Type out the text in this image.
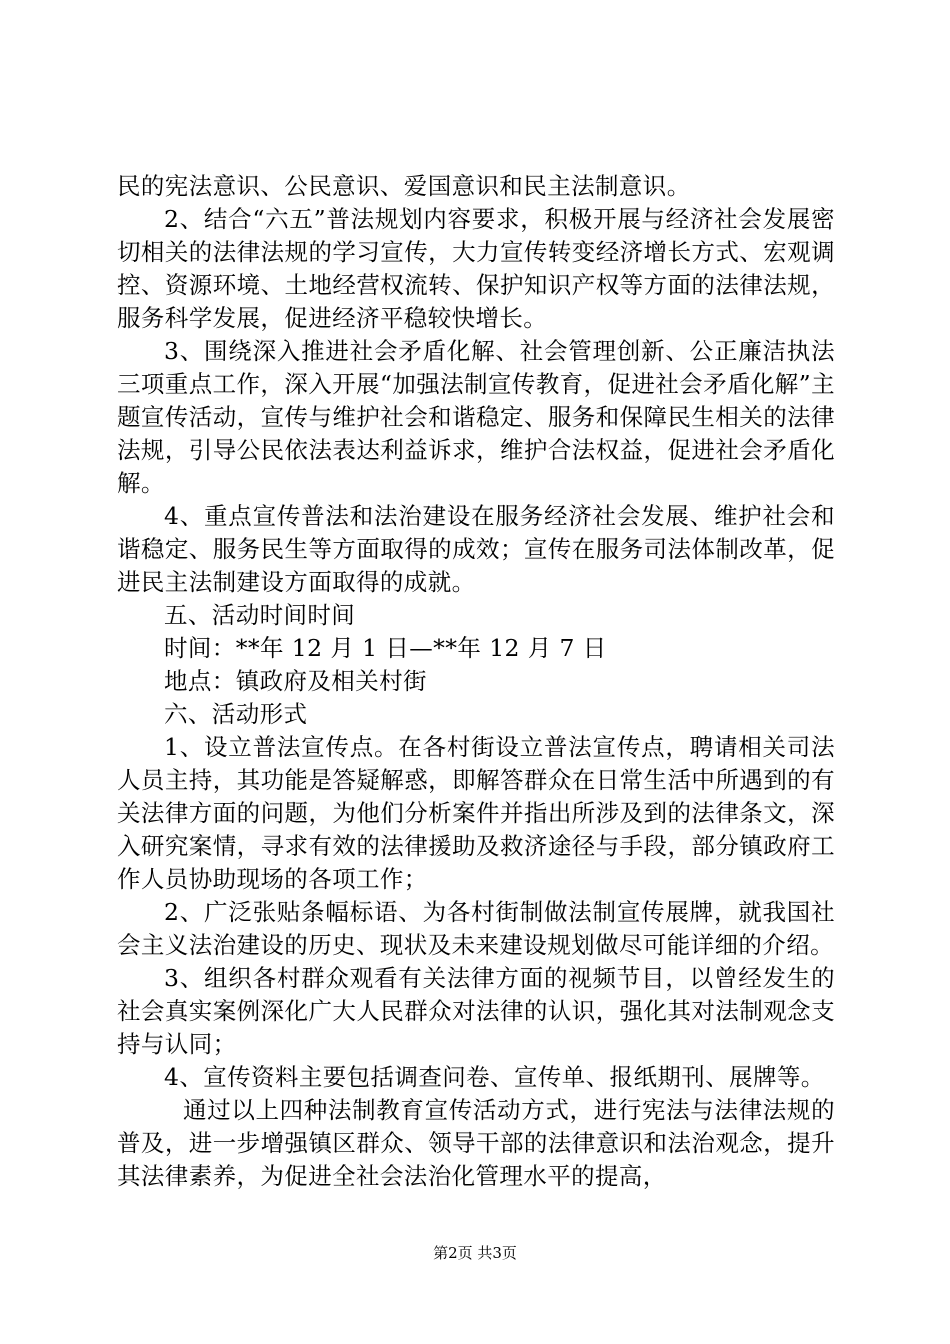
民的宪法意识、公民意识、爱国意识和民主法制意识。

2、结合“六五”普法规划内容要求，积极开展与经济社会发展密切相关的法律法规的学习宣传，大力宣传转变经济增长方式、宏观调控、资源环境、土地经营权流转、保护知识产权等方面的法律法规，服务科学发展，促进经济平稳较快增长。

3、围绕深入推进社会矛盾化解、社会管理创新、公正廉洁执法三项重点工作，深入开展“加强法制宣传教育，促进社会矛盾化解”主题宣传活动，宣传与维护社会和谐稳定、服务和保障民生相关的法律法规，引导公民依法表达利益诉求，维护合法权益，促进社会矛盾化解。

4、重点宣传普法和法治建设在服务经济社会发展、维护社会和谐稳定、服务民生等方面取得的成效；宣传在服务司法体制改革，促进民主法制建设方面取得的成就。

五、活动时间时间

时间：**年 12 月 1 日—**年 12 月 7 日

地点：镇政府及相关村街

六、活动形式

1、设立普法宣传点。在各村街设立普法宣传点，聘请相关司法人员主持，其功能是答疑解惑，即解答群众在日常生活中所遇到的有关法律方面的问题，为他们分析案件并指出所涉及到的法律条文，深入研究案情，寻求有效的法律援助及救济途径与手段，部分镇政府工作人员协助现场的各项工作；

2、广泛张贴条幅标语、为各村街制做法制宣传展牌，就我国社会主义法治建设的历史、现状及未来建设规划做尽可能详细的介绍。

3、组织各村群众观看有关法律方面的视频节目，以曾经发生的社会真实案例深化广大人民群众对法律的认识，强化其对法制观念支持与认同；

4、宣传资料主要包括调查问卷、宣传单、报纸期刊、展牌等。

通过以上四种法制教育宣传活动方式，进行宪法与法律法规的普及，进一步增强镇区群众、领导干部的法律意识和法治观念，提升其法律素养，为促进全社会法治化管理水平的提高，

第2页 共3页
